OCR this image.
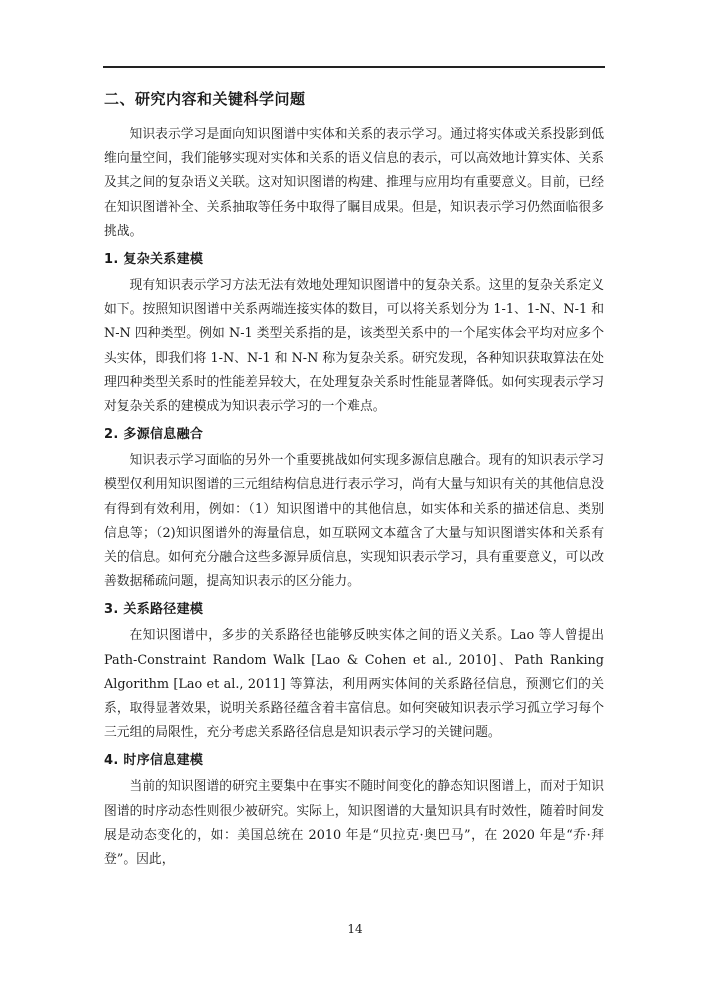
二、研究内容和关键科学问题

知识表示学习是面向知识图谱中实体和关系的表示学习。通过将实体或关系投影到低维向量空间，我们能够实现对实体和关系的语义信息的表示，可以高效地计算实体、关系及其之间的复杂语义关联。这对知识图谱的构建、推理与应用均有重要意义。目前，已经在知识图谱补全、关系抽取等任务中取得了瞩目成果。但是，知识表示学习仍然面临很多挑战。

1. 复杂关系建模

现有知识表示学习方法无法有效地处理知识图谱中的复杂关系。这里的复杂关系定义如下。按照知识图谱中关系两端连接实体的数目，可以将关系划分为 1-1、1-N、N-1 和 N-N 四种类型。例如 N-1 类型关系指的是，该类型关系中的一个尾实体会平均对应多个头实体，即我们将 1-N、N-1 和 N-N 称为复杂关系。研究发现，各种知识获取算法在处理四种类型关系时的性能差异较大，在处理复杂关系时性能显著降低。如何实现表示学习对复杂关系的建模成为知识表示学习的一个难点。

2. 多源信息融合

知识表示学习面临的另外一个重要挑战如何实现多源信息融合。现有的知识表示学习模型仅利用知识图谱的三元组结构信息进行表示学习，尚有大量与知识有关的其他信息没有得到有效利用，例如：（1）知识图谱中的其他信息，如实体和关系的描述信息、类别信息等；（2)知识图谱外的海量信息，如互联网文本蕴含了大量与知识图谱实体和关系有关的信息。如何充分融合这些多源异质信息，实现知识表示学习，具有重要意义，可以改善数据稀疏问题，提高知识表示的区分能力。

3. 关系路径建模

在知识图谱中，多步的关系路径也能够反映实体之间的语义关系。Lao 等人曾提出 Path-Constraint Random Walk [Lao & Cohen et al., 2010]、Path Ranking Algorithm [Lao et al., 2011] 等算法，利用两实体间的关系路径信息，预测它们的关系，取得显著效果，说明关系路径蕴含着丰富信息。如何突破知识表示学习孤立学习每个三元组的局限性，充分考虑关系路径信息是知识表示学习的关键问题。

4. 时序信息建模

当前的知识图谱的研究主要集中在事实不随时间变化的静态知识图谱上，而对于知识图谱的时序动态性则很少被研究。实际上，知识图谱的大量知识具有时效性，随着时间发展是动态变化的，如：美国总统在 2010 年是“贝拉克·奥巴马”，在 2020 年是“乔·拜登”。因此，

14
